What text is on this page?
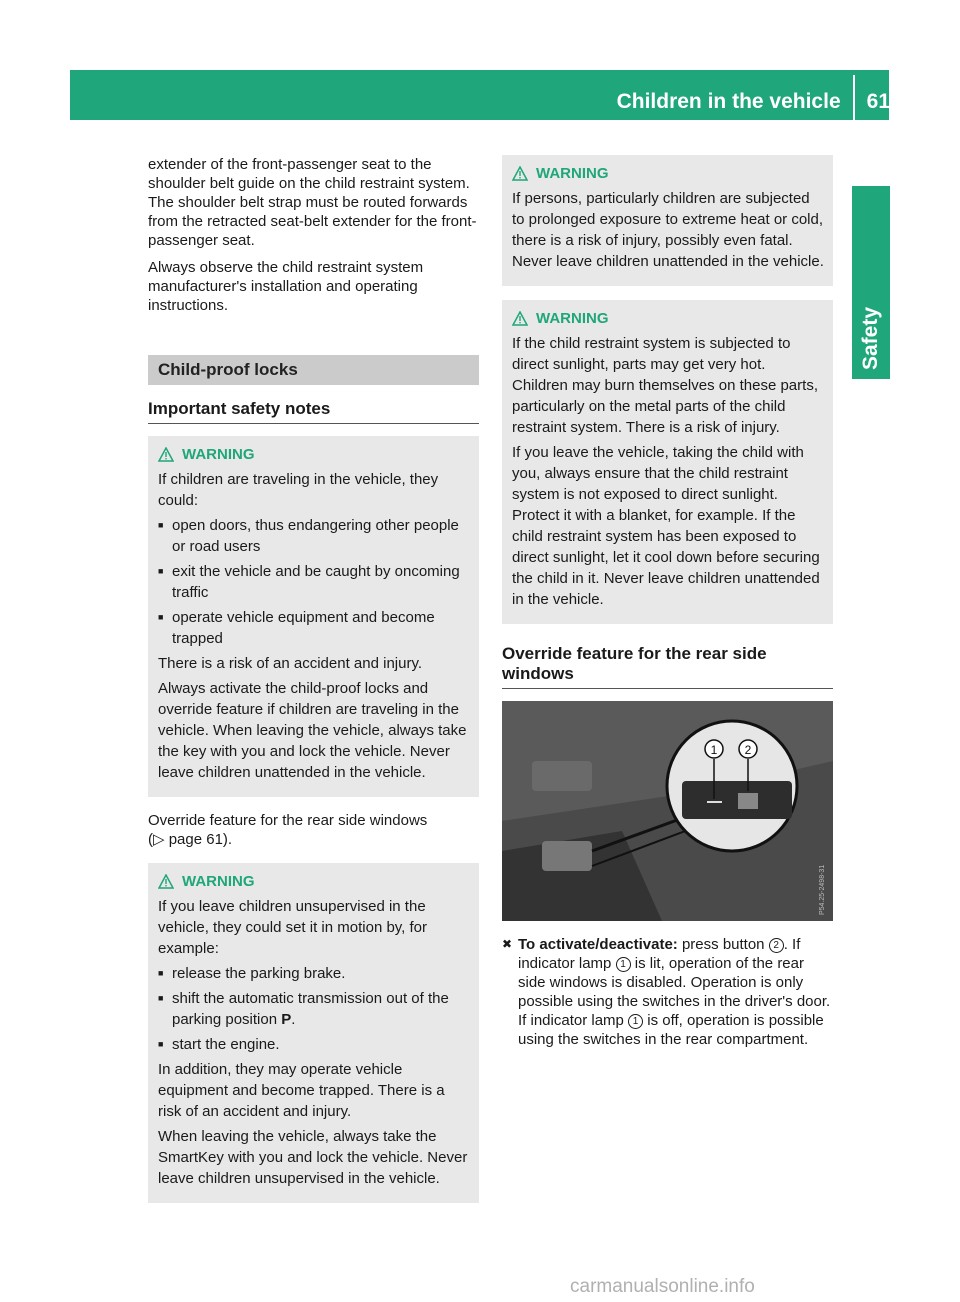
Children in the vehicle 61
Safety

extender of the front-passenger seat to the shoulder belt guide on the child restraint system. The shoulder belt strap must be routed forwards from the retracted seat-belt extender for the front-passenger seat.

Always observe the child restraint system manufacturer's installation and operating instructions.

Child-proof locks
Important safety notes
WARNING

If children are traveling in the vehicle, they could:

■ open doors, thus endangering other people or road users
■ exit the vehicle and be caught by oncoming traffic
■ operate vehicle equipment and become trapped

There is a risk of an accident and injury.

Always activate the child-proof locks and override feature if children are traveling in the vehicle. When leaving the vehicle, always take the key with you and lock the vehicle. Never leave children unattended in the vehicle.

Override feature for the rear side windows
(▷ page 61).

WARNING

If you leave children unsupervised in the vehicle, they could set it in motion by, for example:

■ release the parking brake.
■ shift the automatic transmission out of the parking position P.
■ start the engine.

In addition, they may operate vehicle equipment and become trapped. There is a risk of an accident and injury.

When leaving the vehicle, always take the SmartKey with you and lock the vehicle. Never leave children unsupervised in the vehicle.

WARNING

If persons, particularly children are subjected to prolonged exposure to extreme heat or cold, there is a risk of injury, possibly even fatal. Never leave children unattended in the vehicle.

WARNING

If the child restraint system is subjected to direct sunlight, parts may get very hot. Children may burn themselves on these parts, particularly on the metal parts of the child restraint system. There is a risk of injury.

If you leave the vehicle, taking the child with you, always ensure that the child restraint system is not exposed to direct sunlight. Protect it with a blanket, for example. If the child restraint system has been exposed to direct sunlight, let it cool down before securing the child in it. Never leave children unattended in the vehicle.

Override feature for the rear side windows
1 2
P54.25-2498-31
✖ To activate/deactivate: press button 2 . If indicator lamp 1 is lit, operation of the rear side windows is disabled. Operation is only possible using the switches in the driver's door. If indicator lamp 1 is off, operation is possible using the switches in the rear compartment.
carmanualsonline.info
